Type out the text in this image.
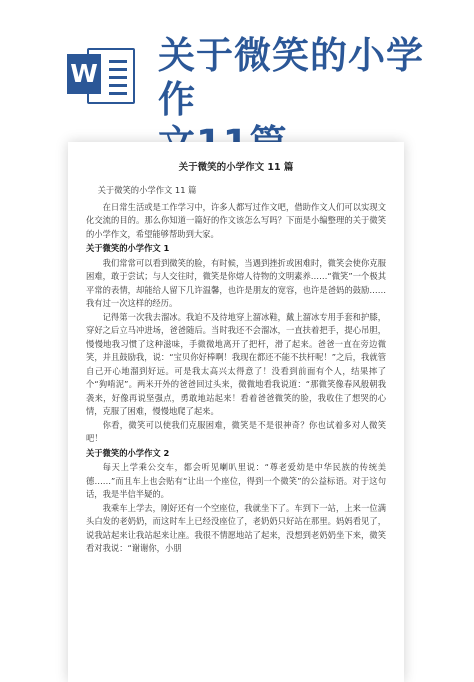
W 关于微笑的小学作
关于微笑的小学作文 11 篇

关于微笑的小学作文 11 篇

在日常生活或是工作学习中，许多人都写过作文吧，借助作文人们可以实现文化交流的目的。那么你知道一篇好的作文该怎么写吗？下面是小编整理的关于微笑的小学作文，希望能够帮助到大家。

关于微笑的小学作文 1

我们常常可以看到微笑的脸，有时候，当遇到挫折或困难时，微笑会使你克服困难，敢于尝试；与人交往时，微笑是你熔人待物的文明素养……“微笑”一个极其平常的表情，却能给人留下几许温馨，也许是朋友的宽容，也许是爸妈的鼓励……我有过一次这样的经历。

记得第一次我去溜冰。我迫不及待地穿上溜冰鞋，戴上溜冰专用手套和护膝，穿好之后立马冲进场，爸爸随后。当时我还不会溜冰，一直扶着把手，提心吊胆，慢慢地我习惯了这种滋味，手微微地离开了把杆，滑了起来。爸爸一直在旁边微笑，并且鼓励我，说：“宝贝你好棒啊！我现在都还不能不扶杆呢！”之后，我就管自己开心地溜到好远。可是我太高兴太得意了！没看到前面有个人，结果摔了个“狗啃泥”。两米开外的爸爸回过头来，微微地看我说道：“那微笑像春风般朝我袭来，好像再说坚强点，勇敢地站起来！看着爸爸微笑的脸，我收住了想哭的心情，克服了困难，慢慢地爬了起来。

你看，微笑可以使我们克服困难，微笑是不是很神奇？你也试着多对人微笑吧！

关于微笑的小学作文 2

每天上学乘公交车，都会听见喇叭里说：“尊老爱幼是中华民族的传统美德……”而且车上也会贴有“让出一个座位，得到一个微笑”的公益标语。对于这句话，我是半信半疑的。

我乘车上学去，刚好还有一个空座位，我就坐下了。车到下一站，上来一位满头白发的老奶奶，而这时车上已经没座位了，老奶奶只好站在那里。妈妈看见了，说我站起来让我站起来让座。我很不情愿地站了起来，没想到老奶奶坐下来，微笑看对我说：“谢谢你，小朋
